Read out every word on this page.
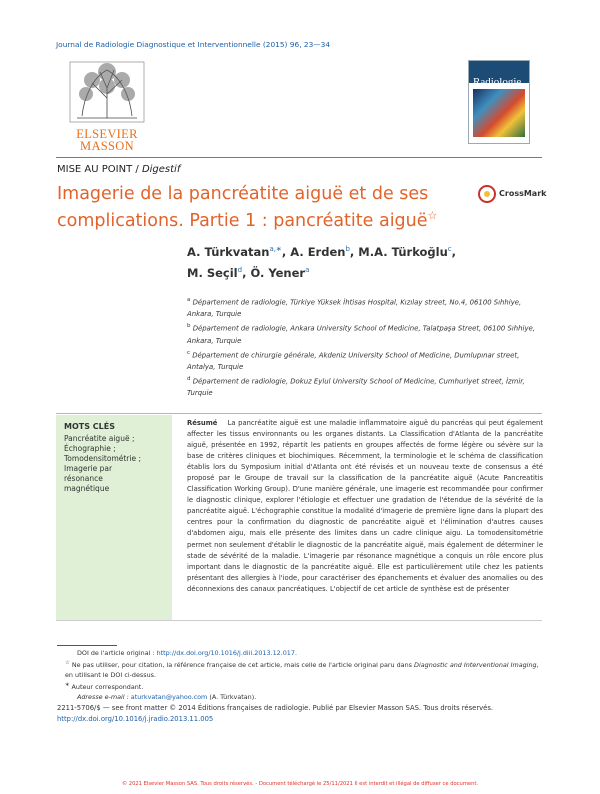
Journal de Radiologie Diagnostique et Interventionnelle (2015) 96, 23—34
ELSEVIER
MASSON
Radiologie
MISE AU POINT / Digestif
Imagerie de la pancréatite aiguë et de ses complications. Partie 1 : pancréatite aiguë☆
CrossMark
A. Türkvatan$^{a,∗}$, A. Erden$^b$, M.A. Türkoğlu$^c$,
M. Seçil$^d$, Ö. Yener$^a$

$^a$ Département de radiologie, Türkiye Yüksek İhtisas Hospital, Kızılay street, No.4, 06100 Sıhhiye, Ankara, Turquie

$^b$ Département de radiologie, Ankara University School of Medicine, Talatpaşa Street, 06100 Sıhhiye, Ankara, Turquie

$^c$ Département de chirurgie générale, Akdeniz University School of Medicine, Dumlupınar street, Antalya, Turquie

$^d$ Département de radiologie, Dokuz Eylul University School of Medicine, Cumhuriyet street, İzmir, Turquie

MOTS CLÉS
Pancréatite aiguë ;
Échographie ;
Tomodensitométrie ;
Imagerie par
résonance
magnétique
Résumé La pancréatite aiguë est une maladie inflammatoire aiguë du pancréas qui peut également affecter les tissus environnants ou les organes distants. La Classification d'Atlanta de la pancréatite aiguë, présentée en 1992, répartit les patients en groupes affectés de forme légère ou sévère sur la base de critères cliniques et biochimiques. Récemment, la terminologie et le schéma de classification établis lors du Symposium initial d'Atlanta ont été révisés et un nouveau texte de consensus a été proposé par le Groupe de travail sur la classification de la pancréatite aiguë (Acute Pancreatitis Classification Working Group). D'une manière générale, une imagerie est recommandée pour confirmer le diagnostic clinique, explorer l'étiologie et effectuer une gradation de l'étendue de la sévérité de la pancréatite aiguë. L'échographie constitue la modalité d'imagerie de première ligne dans la plupart des centres pour la confirmation du diagnostic de pancréatite aiguë et l'élimination d'autres causes d'abdomen aigu, mais elle présente des limites dans un cadre clinique aigu. La tomodensitométrie permet non seulement d'établir le diagnostic de la pancréatite aiguë, mais également de déterminer le stade de sévérité de la maladie. L'imagerie par résonance magnétique a conquis un rôle encore plus important dans le diagnostic de la pancréatite aiguë. Elle est particulièrement utile chez les patients présentant des allergies à l'iode, pour caractériser des épanchements et évaluer des anomalies ou des déconnexions des canaux pancréatiques. L'objectif de cet article de synthèse est de présenter

DOI de l'article original : http://dx.doi.org/10.1016/j.diii.2013.12.017.

☆ Ne pas utiliser, pour citation, la référence française de cet article, mais celle de l'article original paru dans Diagnostic and Interventional Imaging, en utilisant le DOI ci-dessus.

∗ Auteur correspondant.

Adresse e-mail : aturkvatan@yahoo.com (A. Türkvatan).

2211-5706/$ — see front matter © 2014 Éditions françaises de radiologie. Publié par Elsevier Masson SAS. Tous droits réservés.
http://dx.doi.org/10.1016/j.jradio.2013.11.005
© 2021 Elsevier Masson SAS. Tous droits réservés. - Document téléchargé le 25/11/2021 Il est interdit et illégal de diffuser ce document.
